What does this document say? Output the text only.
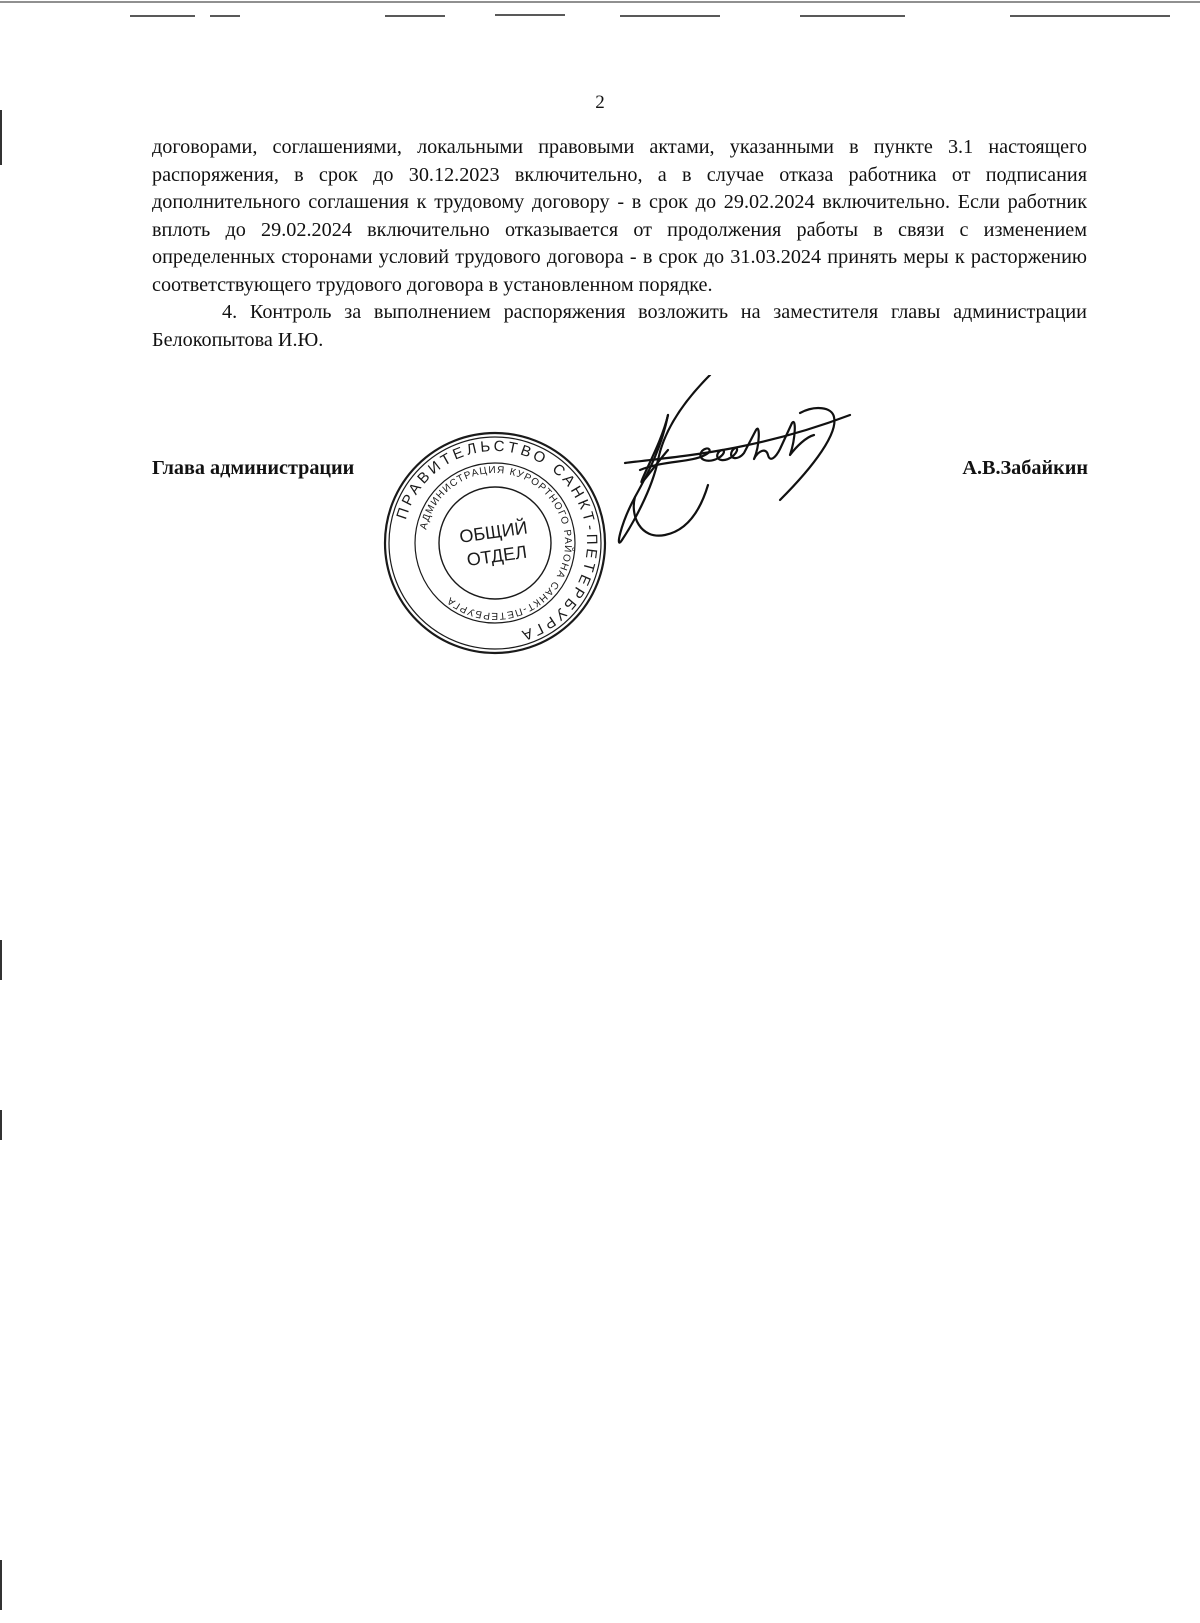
2

договорами, соглашениями, локальными правовыми актами, указанными в пункте 3.1 настоящего распоряжения, в срок до 30.12.2023 включительно, а в случае отказа работника от подписания дополнительного соглашения к трудовому договору - в срок до 29.02.2024 включительно. Если работник вплоть до 29.02.2024 включительно отказывается от продолжения работы в связи с изменением определенных сторонами условий трудового договора - в срок до 31.03.2024 принять меры к расторжению соответствующего трудового договора в установленном порядке.

4. Контроль за выполнением распоряжения возложить на заместителя главы администрации Белокопытова И.Ю.

Глава администрации	А.В.Забайкин
ПРАВИТЕЛЬСТВО САНКТ-ПЕТЕРБУРГА
АДМИНИСТРАЦИЯ КУРОРТНОГО РАЙОНА САНКТ-ПЕТЕРБУРГА
ОБЩИЙ
ОТДЕЛ
